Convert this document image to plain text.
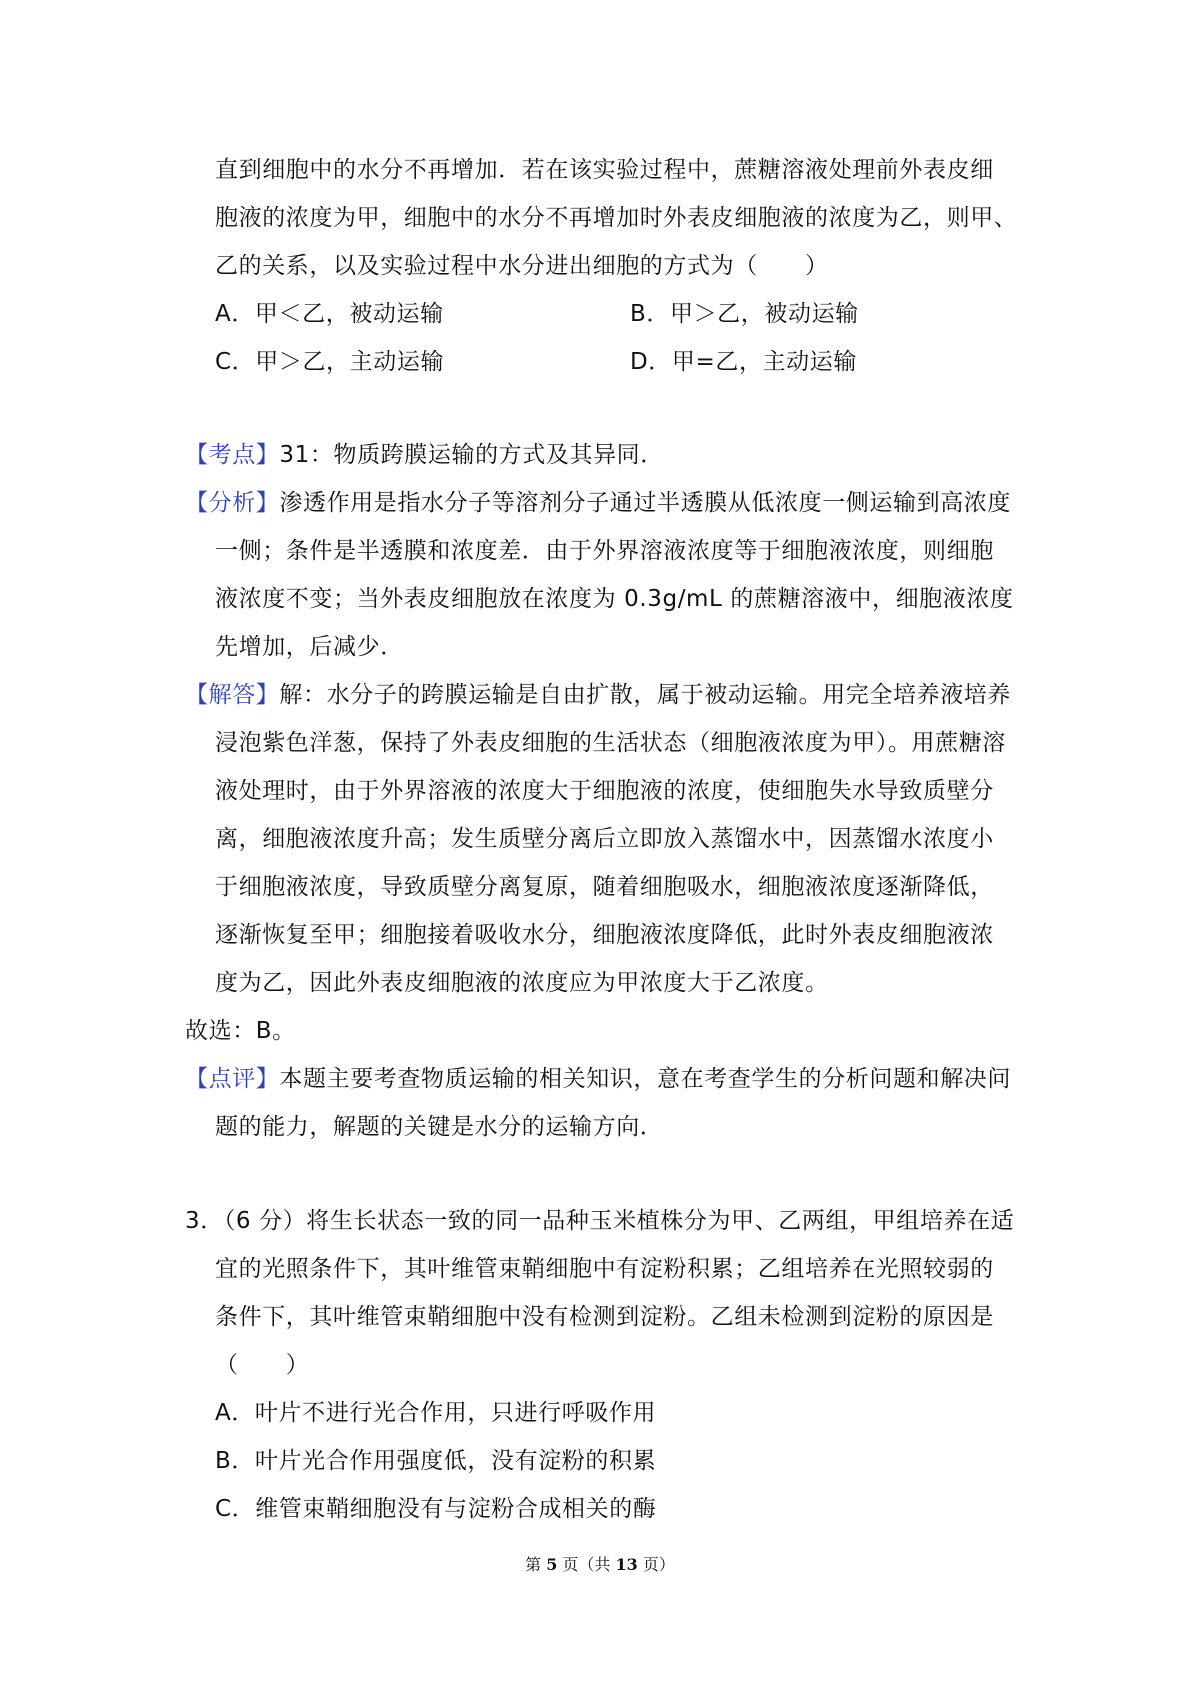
直到细胞中的水分不再增加．若在该实验过程中，蔗糖溶液处理前外表皮细
胞液的浓度为甲，细胞中的水分不再增加时外表皮细胞液的浓度为乙，则甲、
乙的关系，以及实验过程中水分进出细胞的方式为（　　）
A．甲＜乙，被动运输	B．甲＞乙，被动运输
C．甲＞乙，主动运输	D．甲=乙，主动运输
【考点】31：物质跨膜运输的方式及其异同．
【分析】渗透作用是指水分子等溶剂分子通过半透膜从低浓度一侧运输到高浓度
一侧；条件是半透膜和浓度差．由于外界溶液浓度等于细胞液浓度，则细胞
液浓度不变；当外表皮细胞放在浓度为 0.3g/mL 的蔗糖溶液中，细胞液浓度
先增加，后减少．
【解答】解：水分子的跨膜运输是自由扩散，属于被动运输。用完全培养液培养
浸泡紫色洋葱，保持了外表皮细胞的生活状态（细胞液浓度为甲）。用蔗糖溶
液处理时，由于外界溶液的浓度大于细胞液的浓度，使细胞失水导致质壁分
离，细胞液浓度升高；发生质壁分离后立即放入蒸馏水中，因蒸馏水浓度小
于细胞液浓度，导致质壁分离复原，随着细胞吸水，细胞液浓度逐渐降低，
逐渐恢复至甲；细胞接着吸收水分，细胞液浓度降低，此时外表皮细胞液浓
度为乙，因此外表皮细胞液的浓度应为甲浓度大于乙浓度。
故选：B。
【点评】本题主要考查物质运输的相关知识，意在考查学生的分析问题和解决问
题的能力，解题的关键是水分的运输方向．
3．（6 分）将生长状态一致的同一品种玉米植株分为甲、乙两组，甲组培养在适
宜的光照条件下，其叶维管束鞘细胞中有淀粉积累；乙组培养在光照较弱的
条件下，其叶维管束鞘细胞中没有检测到淀粉。乙组未检测到淀粉的原因是
（　　）
A．叶片不进行光合作用，只进行呼吸作用
B．叶片光合作用强度低，没有淀粉的积累
C．维管束鞘细胞没有与淀粉合成相关的酶
第 5 页（共 13 页）
